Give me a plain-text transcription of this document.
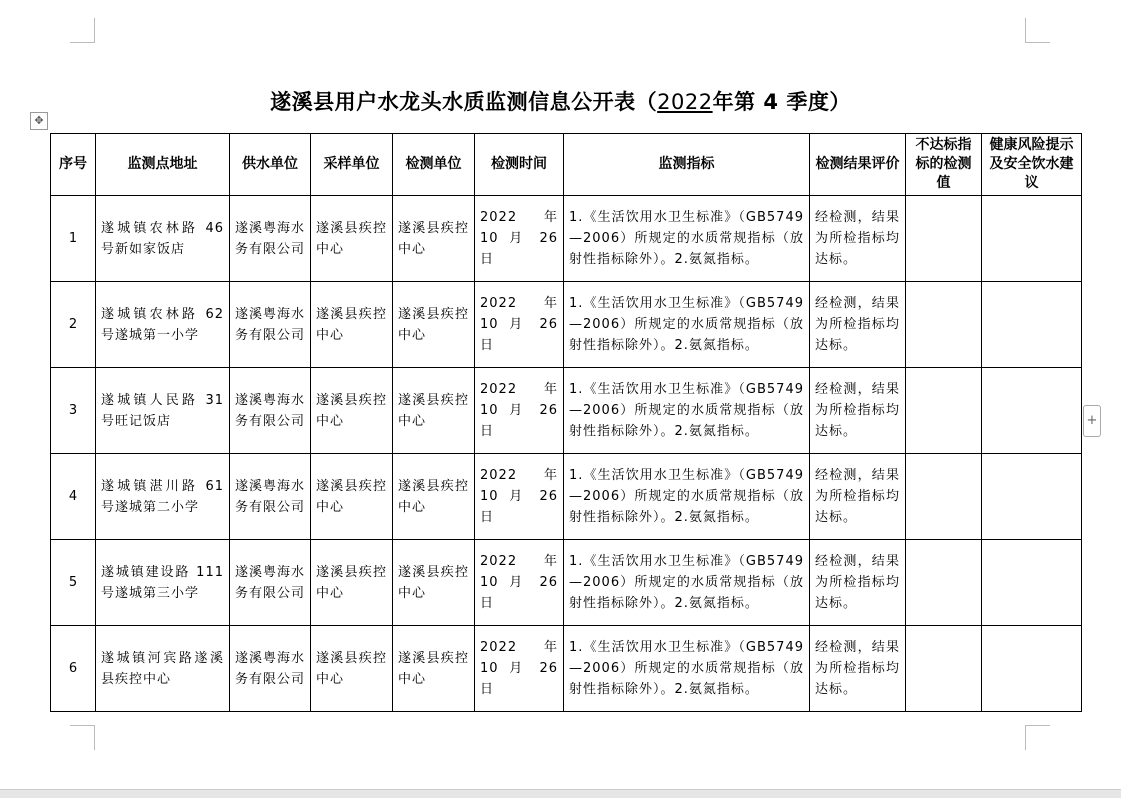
遂溪县用户水龙头水质监测信息公开表（2022年第 4 季度）
✥
序号	监测点地址	供水单位	采样单位	检测单位	检测时间	监测指标	检测结果评价	不达标指标的检测值	健康风险提示及安全饮水建议
1	遂城镇农林路 46 号新如家饭店	遂溪粤海水务有限公司	遂溪县疾控中心	遂溪县疾控中心	2022 年 10 月 26 日	1.《生活饮用水卫生标准》（GB5749—2006）所规定的水质常规指标（放射性指标除外）。2.氨氮指标。	经检测，结果为所检指标均达标。		
2	遂城镇农林路 62 号遂城第一小学	遂溪粤海水务有限公司	遂溪县疾控中心	遂溪县疾控中心	2022 年 10 月 26 日	1.《生活饮用水卫生标准》（GB5749—2006）所规定的水质常规指标（放射性指标除外）。2.氨氮指标。	经检测，结果为所检指标均达标。		
3	遂城镇人民路 31 号旺记饭店	遂溪粤海水务有限公司	遂溪县疾控中心	遂溪县疾控中心	2022 年 10 月 26 日	1.《生活饮用水卫生标准》（GB5749—2006）所规定的水质常规指标（放射性指标除外）。2.氨氮指标。	经检测，结果为所检指标均达标。		
4	遂城镇湛川路 61 号遂城第二小学	遂溪粤海水务有限公司	遂溪县疾控中心	遂溪县疾控中心	2022 年 10 月 26 日	1.《生活饮用水卫生标准》（GB5749—2006）所规定的水质常规指标（放射性指标除外）。2.氨氮指标。	经检测，结果为所检指标均达标。		
5	遂城镇建设路 111 号遂城第三小学	遂溪粤海水务有限公司	遂溪县疾控中心	遂溪县疾控中心	2022 年 10 月 26 日	1.《生活饮用水卫生标准》（GB5749—2006）所规定的水质常规指标（放射性指标除外）。2.氨氮指标。	经检测，结果为所检指标均达标。		
6	遂城镇河宾路遂溪县疾控中心	遂溪粤海水务有限公司	遂溪县疾控中心	遂溪县疾控中心	2022 年 10 月 26 日	1.《生活饮用水卫生标准》（GB5749—2006）所规定的水质常规指标（放射性指标除外）。2.氨氮指标。	经检测，结果为所检指标均达标。		
+
